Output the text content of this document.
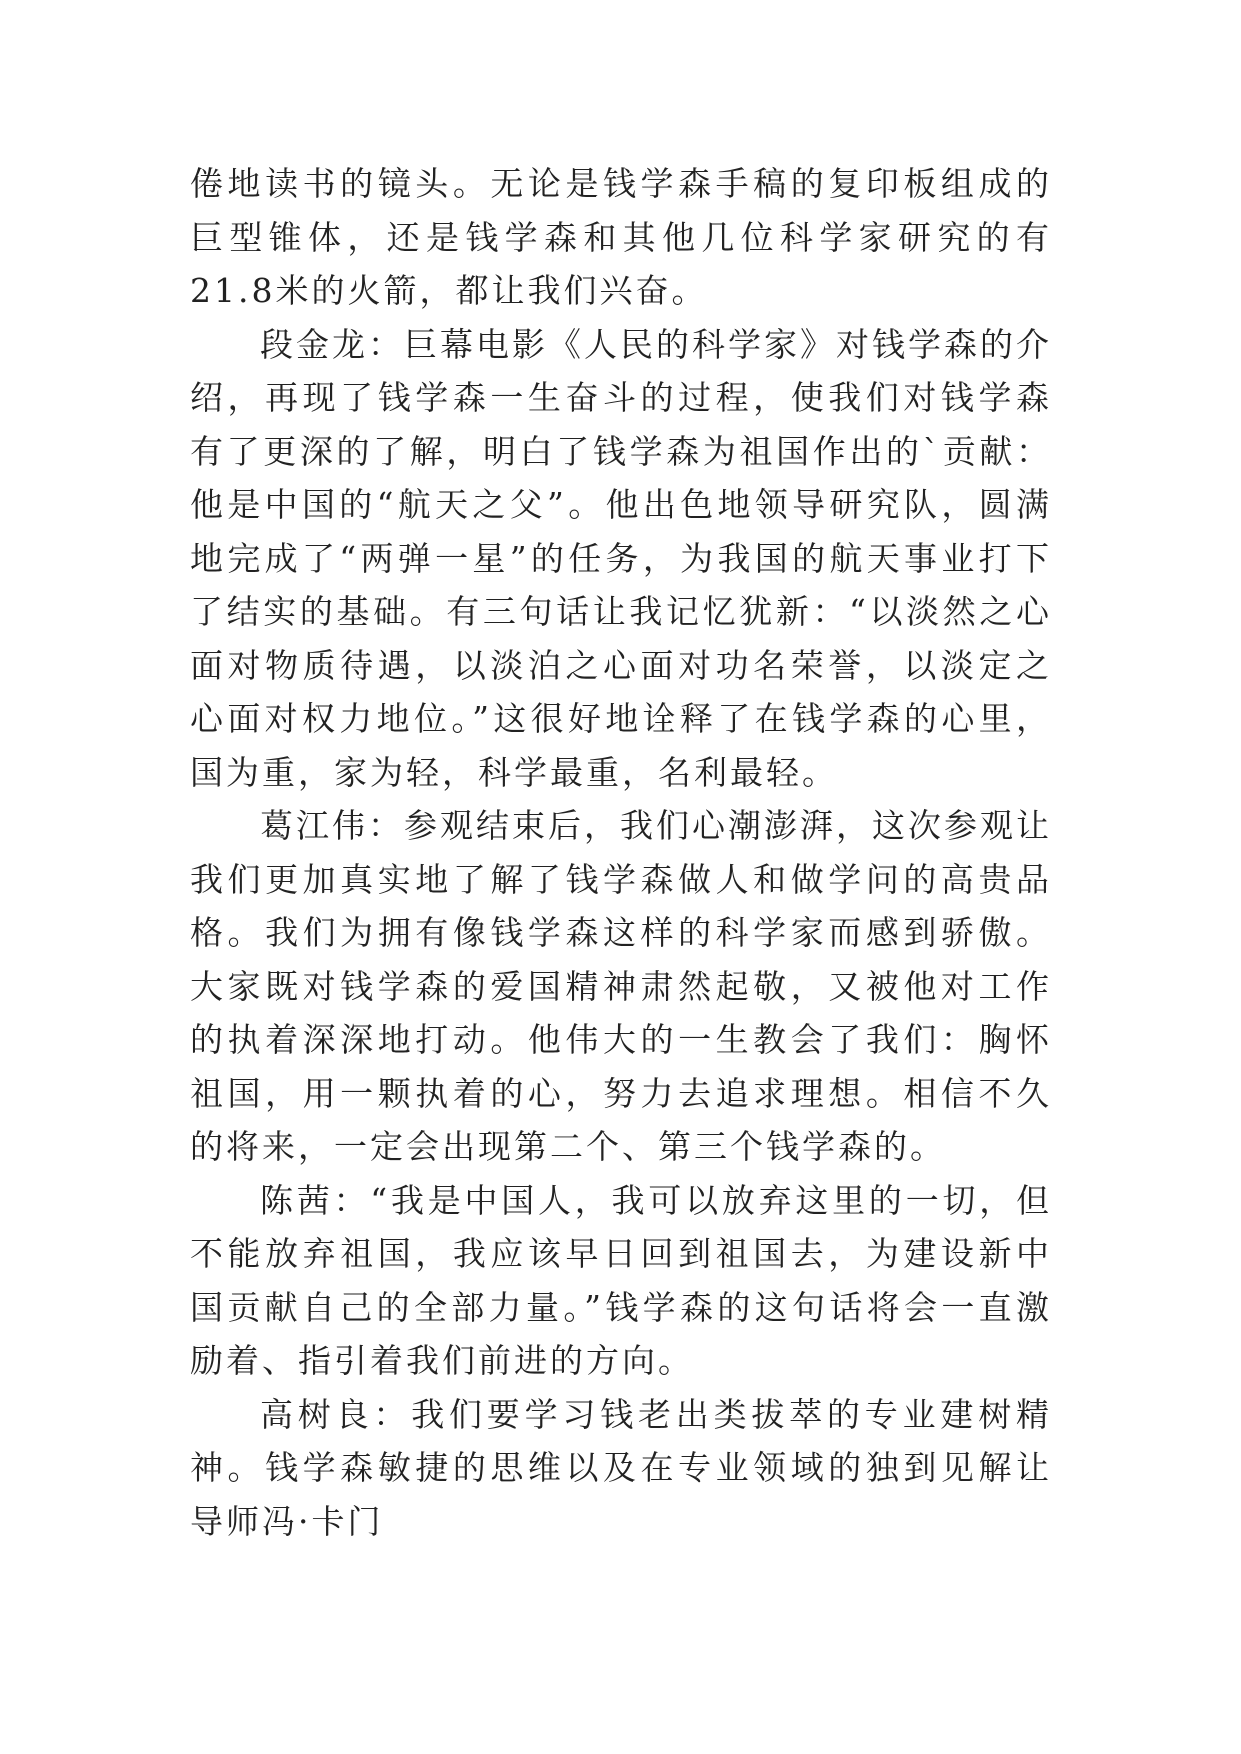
倦地读书的镜头。无论是钱学森手稿的复印板组成的巨型锥体，还是钱学森和其他几位科学家研究的有21.8米的火箭，都让我们兴奋。

段金龙：巨幕电影《人民的科学家》对钱学森的介绍，再现了钱学森一生奋斗的过程，使我们对钱学森有了更深的了解，明白了钱学森为祖国作出的`贡献：他是中国的“航天之父”。他出色地领导研究队，圆满地完成了“两弹一星”的任务，为我国的航天事业打下了结实的基础。有三句话让我记忆犹新：“以淡然之心面对物质待遇，以淡泊之心面对功名荣誉，以淡定之心面对权力地位。”这很好地诠释了在钱学森的心里，国为重，家为轻，科学最重，名利最轻。

葛江伟：参观结束后，我们心潮澎湃，这次参观让我们更加真实地了解了钱学森做人和做学问的高贵品格。我们为拥有像钱学森这样的科学家而感到骄傲。大家既对钱学森的爱国精神肃然起敬，又被他对工作的执着深深地打动。他伟大的一生教会了我们：胸怀祖国，用一颗执着的心，努力去追求理想。相信不久的将来，一定会出现第二个、第三个钱学森的。

陈茜：“我是中国人，我可以放弃这里的一切，但不能放弃祖国，我应该早日回到祖国去，为建设新中国贡献自己的全部力量。”钱学森的这句话将会一直激励着、指引着我们前进的方向。

高树良：我们要学习钱老出类拔萃的专业建树精神。钱学森敏捷的思维以及在专业领域的独到见解让导师冯·卡门
